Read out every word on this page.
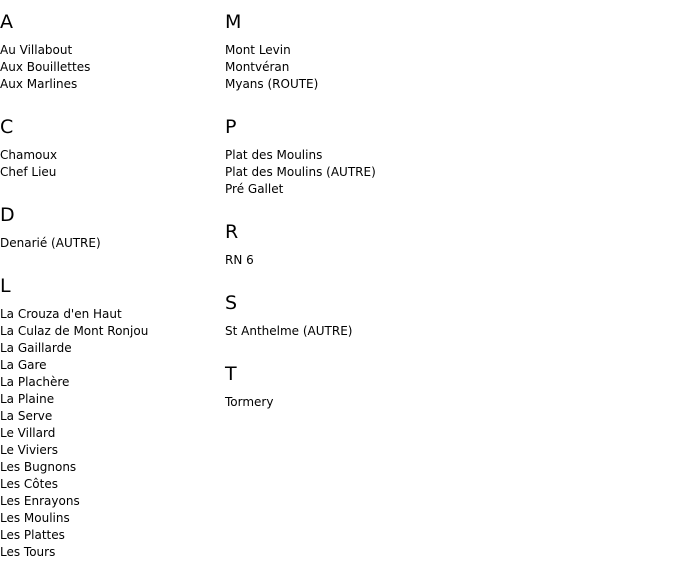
A
Au Villabout
Aux Bouillettes
Aux Marlines
C
Chamoux
Chef Lieu
D
Denarié (AUTRE)
L
La Crouza d'en Haut
La Culaz de Mont Ronjou
La Gaillarde
La Gare
La Plachère
La Plaine
La Serve
Le Villard
Le Viviers
Les Bugnons
Les Côtes
Les Enrayons
Les Moulins
Les Plattes
Les Tours
M
Mont Levin
Montvéran
Myans (ROUTE)
P
Plat des Moulins
Plat des Moulins (AUTRE)
Pré Gallet
R
RN 6
S
St Anthelme (AUTRE)
T
Tormery
